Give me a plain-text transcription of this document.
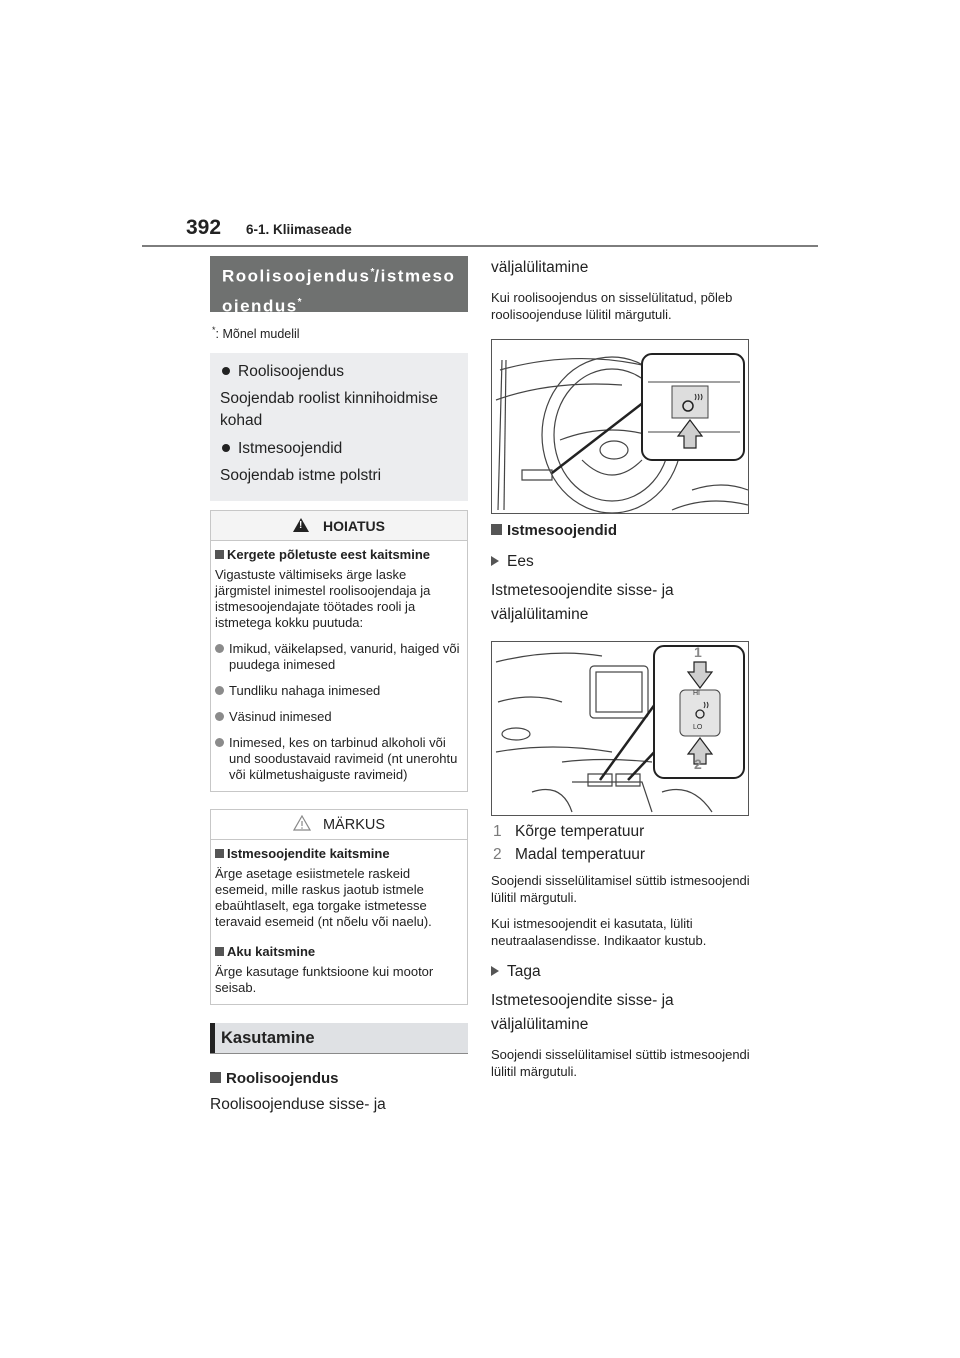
392 6-1. Kliimaseade
Roolisoojendus*/istmeso
ojendus*
*: Mõnel mudelil
Roolisoojendus
Soojendab roolist kinnihoidmise kohad
Istmesoojendid
Soojendab istme polstri
!HOIATUS
Kergete põletuste eest kaitsmine
Vigastuste vältimiseks ärge laske järgmistel inimestel roolisoojendaja ja istmesoojendajate töötades rooli ja istmetega kokku puutuda:
Imikud, väikelapsed, vanurid, haiged või puudega inimesed
Tundliku nahaga inimesed
Väsinud inimesed
Inimesed, kes on tarbinud alkoholi või und soodustavaid ravimeid (nt unerohtu või külmetushaiguste ravimeid)
MÄRKUS
Istmesoojendite kaitsmine
Ärge asetage esiistmetele raskeid esemeid, mille raskus jaotub istmele ebaühtlaselt, ega torgake istmetesse teravaid esemeid (nt nõelu või naelu).
Aku kaitsmine
Ärge kasutage funktsioone kui mootor seisab.
Kasutamine
Roolisoojendus
Roolisoojenduse sisse- ja
väljalülitamine
Kui roolisoojendus on sisselülitatud, põleb roolisoojenduse lülitil märgutuli.
Istmesoojendid
Ees
Istmetesoojendite sisse- ja väljalülitamine
1
HI
LO
2
1 Kõrge temperatuur
2 Madal temperatuur
Soojendi sisselülitamisel süttib istmesoojendi lülitil märgutuli.
Kui istmesoojendit ei kasutata, lüliti neutraalasendisse. Indikaator kustub.
Taga
Istmetesoojendite sisse- ja väljalülitamine
Soojendi sisselülitamisel süttib istmesoojendi lülitil märgutuli.
